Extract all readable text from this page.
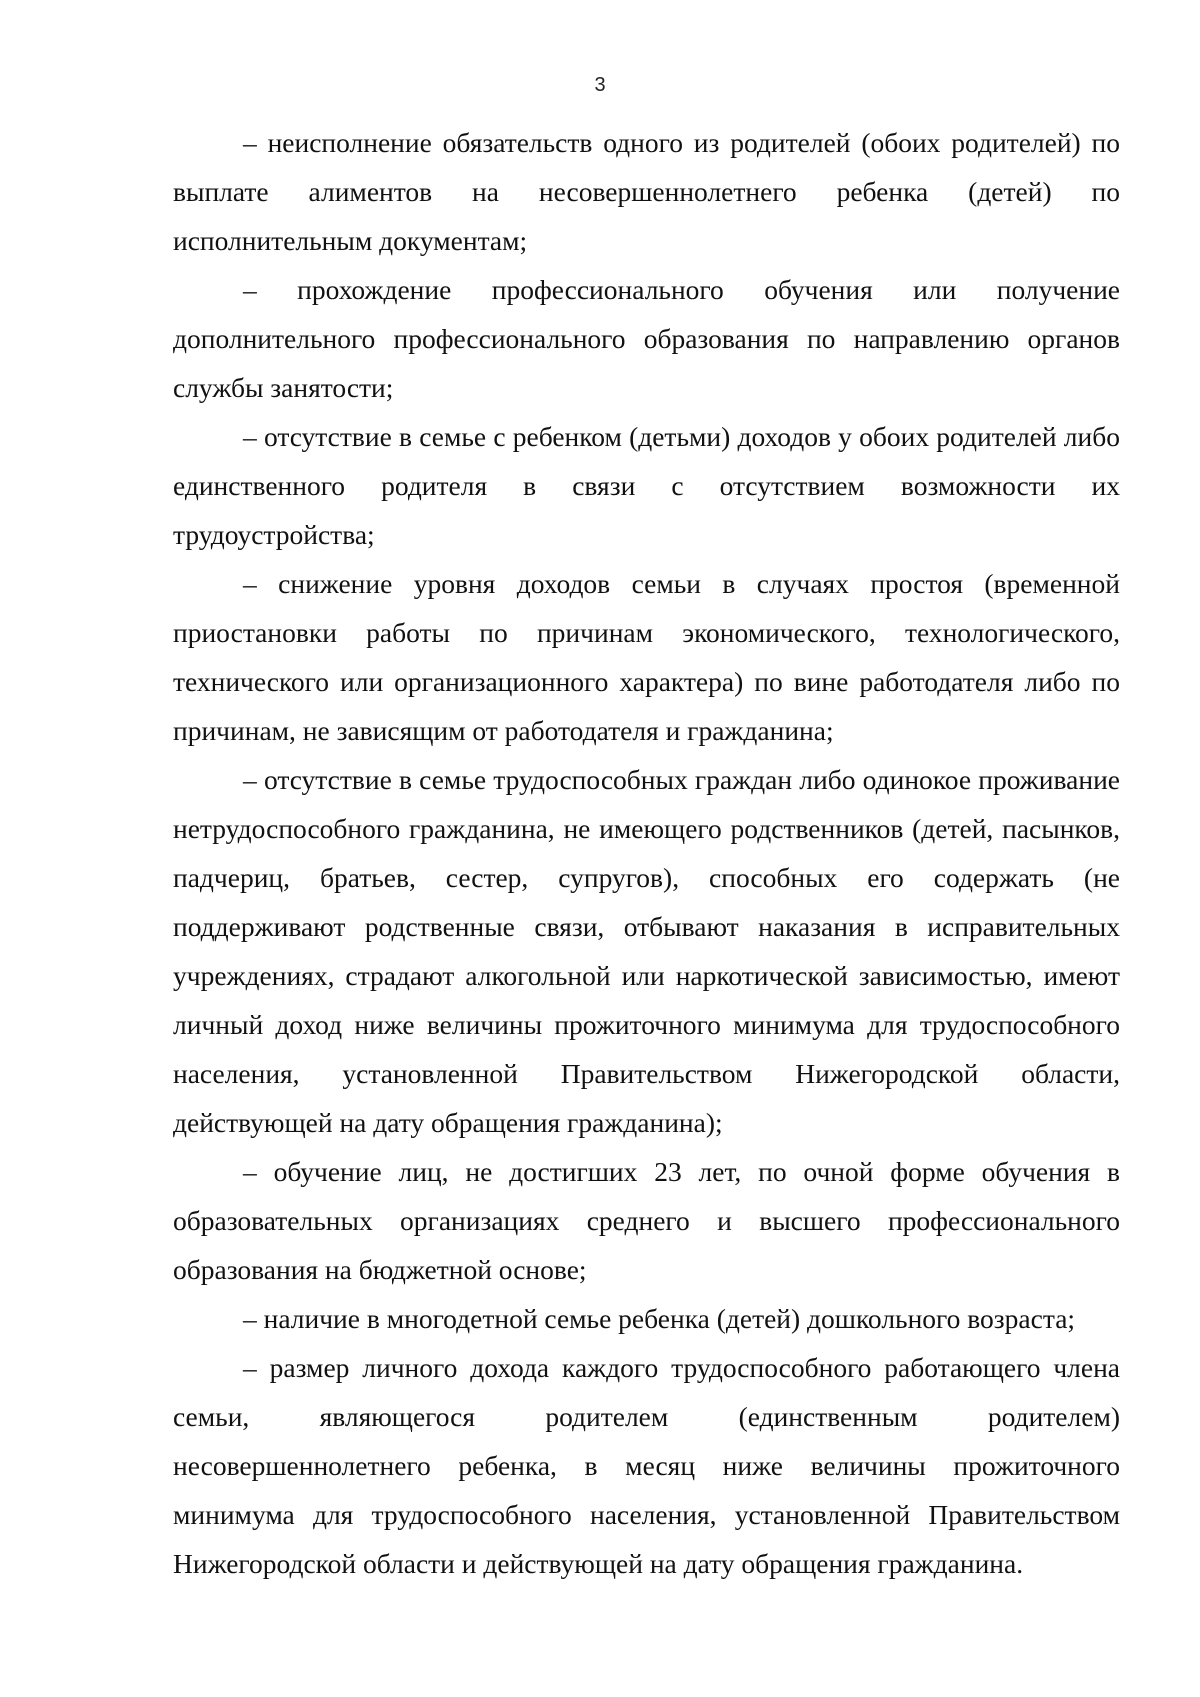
3

– неисполнение обязательств одного из родителей (обоих родителей) по выплате алиментов на несовершеннолетнего ребенка (детей) по исполнительным документам;

– прохождение профессионального обучения или получение дополнительного профессионального образования по направлению органов службы занятости;

– отсутствие в семье с ребенком (детьми) доходов у обоих родителей либо единственного родителя в связи с отсутствием возможности их трудоустройства;

– снижение уровня доходов семьи в случаях простоя (временной приостановки работы по причинам экономического, технологического, технического или организационного характера) по вине работодателя либо по причинам, не зависящим от работодателя и гражданина;

– отсутствие в семье трудоспособных граждан либо одинокое проживание нетрудоспособного гражданина, не имеющего родственников (детей, пасынков, падчериц, братьев, сестер, супругов), способных его содержать (не поддерживают родственные связи, отбывают наказания в исправительных учреждениях, страдают алкогольной или наркотической зависимостью, имеют личный доход ниже величины прожиточного минимума для трудоспособного населения, установленной Правительством Нижегородской области, действующей на дату обращения гражданина);

– обучение лиц, не достигших 23 лет, по очной форме обучения в образовательных организациях среднего и высшего профессионального образования на бюджетной основе;

– наличие в многодетной семье ребенка (детей) дошкольного возраста;

– размер личного дохода каждого трудоспособного работающего члена семьи, являющегося родителем (единственным родителем) несовершеннолетнего ребенка, в месяц ниже величины прожиточного минимума для трудоспособного населения, установленной Правительством Нижегородской области и действующей на дату обращения гражданина.
